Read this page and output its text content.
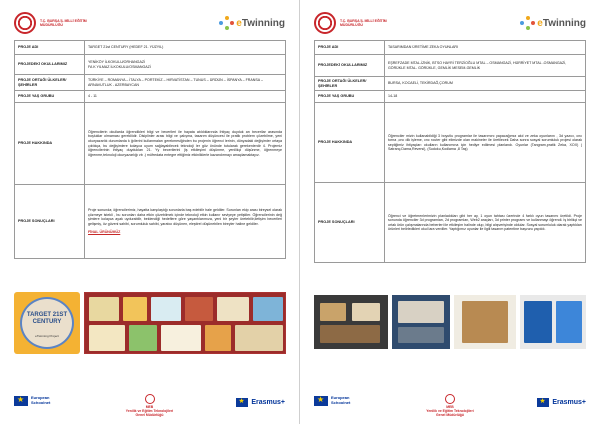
T.C. BURSA İL MİLLİ EĞİTİM MÜDÜRLÜĞÜ	eTwinning
PROJE ADI	TARGET 21st CENTURY (HEDEF 21. YÜZYIL)
PROJEDEKİ OKULLARIMIZ	YENİKÖY İLKOKULU/ORHANGAZİ
FA K YILMAZ İLKOKULU/OSMANGAZİ

PROJE ORTAĞI ÜLKELER/ŞEHİRLER	TÜRKİYE – ROMANYA – İTALYA – PORTEKİZ – HIRVATİSTAN – TUNUS – ÜRDÜN – İSPANYA – FRANSA – ARNAVUTLUK - AZERBAYCAN
PROJE YAŞ GRUBU	4 - 11
PROJE HAKKINDA	Öğrencilerin okullarda öğrendikleri bilgi ve becerileri ile hayata atıldıklarında ihtiyaç duyduk arı becerilar arasında boşluklar olmaması gerekliidir. Disiplinler arası bilgi ve çalışma, tasarım düşüncesi ile pratik problem çözebilme, yeni okuryazarlık durumlarda k ğıllerini kullanmaları gerekmesiğinden bu projenin öğrenci lerinin, dünyadaki değişimler ortaya çıktıkça, bu değişimlere kolayca uyum sağlayabilecek teknoloji ler göz önünde tutularak gerekenlerdir 4. Projemiz öğrencilerinin ihtiyaç duydukları 21. Yy becerilerini (iş etkileşimi düşünme, yenilikçi düşünme, öğrenmeye öğrenme,teknoloji okuryazarlığı vb .) müfredata entegre ettiğimiz etkinliklerle kazandırmayı amaçlamaktayız.
PROJE SONUÇLARI	Proje sonunda; öğrencilerimiz, hayatta karşılaştığı sorunlarla baş edebilir hale geldiler. Sorunları ekip arası bireysel olarak çözmeye istekli , bu sorunları daha etkin çözebilmek içinde teknoloji etkin kullanır seviyeye yetiştiler. Öğrencilerinin değ şimlere kolayca ayak uydurabilir, beklendiği hedeflere göre yaşantılarımıza, yeni bir şeyler üretebilir,iletişim becerileri gelişmiş, öz güveni sahibi, sorumluluk sahibi, yaratıcı düşünen, eleştirel düşünebilen bireyler haline geldiler.
FİNAL ÜRÜNÜMÜZ
TARGET 21ST CENTURY
eTwinning Project
★
European
Schoolnet
MEB
Yenilik ve Eğitim Teknolojileri
Genel Müdürlüğü
★
Erasmus+
T.C. BURSA İL MİLLİ EĞİTİM MÜDÜRLÜĞÜ	eTwinning
PROJE ADI	TASARIMDAN ÜRETİME ZEKA OYUNLARI
PROJEDEKİ OKULLARIMIZ	EŞREFZADE MTAL-İZNİK, BTSO HAYRİ TERZİOĞLU MTAL – OSMANGAZİ, HÜRRİYET MTAL -OSMANGAZİ, GÖRÜKLE MTAL- GÖRÜKLE, GEMLİK MESEM-GEMLİK
PROJE ORTAĞI ÜLKELER/ŞEHİRLER	BURSA, KOCAELİ, TEKİRDAĞ,ÇORUM
PROJE YAŞ GRUBU	14-18
PROJE HAKKINDA	Öğrenciler mizin kullanabildiği 3 boyutlu programlar ile tasarımını yapacağımız akıl ve zeka oyunlarını , 3d yazıcı, cnc torna ,cnc dik işleme, cnc router gibi elimizde olan makineler ile üretilecek Daha sonra sosyal sorumluluk projesi olarak seçtiğimiz ihtiyaçları okulların kullanımına için hediye edilmesi planlandı. Oyunlar (Tangram,pratik Zeka, XOX) ( Satranç,Dama,Reversi), (Sudoku,Kodlama ,8 Taş)
PROJE SONUÇLARI	Öğrenci ve öğretmenlerimizin planladıkları gibi her ay, 1 oyun tahtası üzerinde 4 farklı oyun tasarımı üretildi. Proje sonunda öğrenciler 3d programları, 2d programları, Web2 araçları, 3d printer programı ve kullanmayı öğrendi. İş birlikçi ve ortak ürün çalışmalarında beberleri ile etkileşim halinde olup, bilgi alışverişinde oldular. Sosyal sorumluluk olarak yaptıkları ürünleri belirledikleri okul lara verdiler. Yaptığımız oyunlar ile ilgili tasarım patentine başvuru yapıldı.
★
European
Schoolnet
MEB
Yenilik ve Eğitim Teknolojileri
Genel Müdürlüğü
★
Erasmus+
